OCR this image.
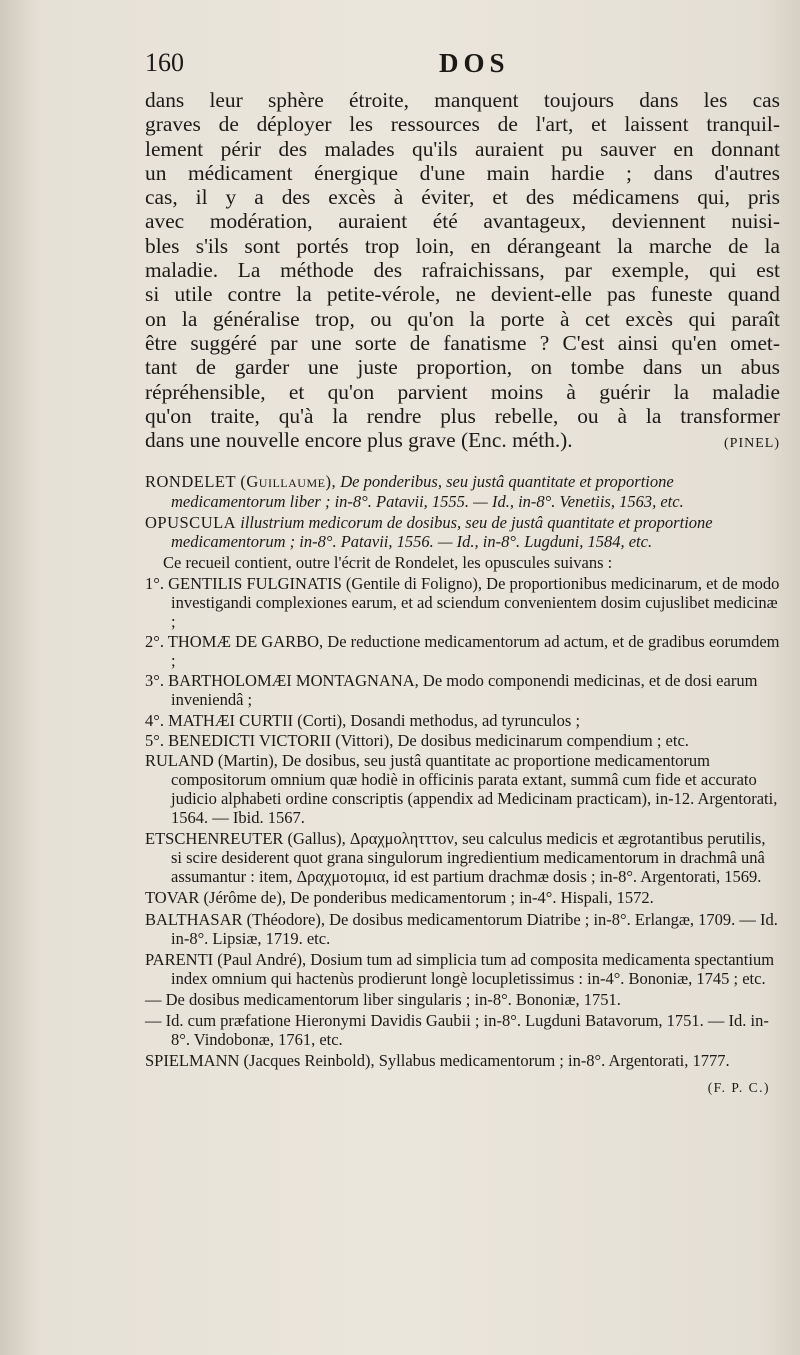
160	DOS
dans leur sphère étroite, manquent toujours dans les cas
graves de déployer les ressources de l'art, et laissent tranquil-
lement périr des malades qu'ils auraient pu sauver en donnant
un médicament énergique d'une main hardie ; dans d'autres
cas, il y a des excès à éviter, et des médicamens qui, pris
avec modération, auraient été avantageux, deviennent nuisi-
bles s'ils sont portés trop loin, en dérangeant la marche de la
maladie. La méthode des rafraichissans, par exemple, qui est
si utile contre la petite-vérole, ne devient-elle pas funeste quand
on la généralise trop, ou qu'on la porte à cet excès qui paraît
être suggéré par une sorte de fanatisme ? C'est ainsi qu'en omet-
tant de garder une juste proportion, on tombe dans un abus
répréhensible, et qu'on parvient moins à guérir la maladie
qu'on traite, qu'à la rendre plus rebelle, ou à la transformer
dans une nouvelle encore plus grave (Enc. méth.).	(PINEL)

RONDELET (Guillaume), De ponderibus, seu justâ quantitate et proportione medicamentorum liber ; in-8°. Patavii, 1555. — Id., in-8°. Venetiis, 1563, etc.

OPUSCULA illustrium medicorum de dosibus, seu de justâ quantitate et proportione medicamentorum ; in-8°. Patavii, 1556. — Id., in-8°. Lugduni, 1584, etc.

Ce recueil contient, outre l'écrit de Rondelet, les opuscules suivans :

1°. GENTILIS FULGINATIS (Gentile di Foligno), De proportionibus medicinarum, et de modo investigandi complexiones earum, et ad sciendum convenientem dosim cujuslibet medicinæ ;

2°. THOMÆ DE GARBO, De reductione medicamentorum ad actum, et de gradibus eorumdem ;

3°. BARTHOLOMÆI MONTAGNANA, De modo componendi medicinas, et de dosi earum inveniendâ ;

4°. MATHÆI CURTII (Corti), Dosandi methodus, ad tyrunculos ;

5°. BENEDICTI VICTORII (Vittori), De dosibus medicinarum compendium ; etc.

RULAND (Martin), De dosibus, seu justâ quantitate ac proportione medicamentorum compositorum omnium quæ hodiè in officinis parata extant, summâ cum fide et accurato judicio alphabeti ordine conscriptis (appendix ad Medicinam practicam), in-12. Argentorati, 1564. — Ibid. 1567.

ETSCHENREUTER (Gallus), Δραχμολητττον, seu calculus medicis et ægrotantibus perutilis, si scire desiderent quot grana singulorum ingredientium medicamentorum in drachmâ unâ assumantur : item, Δραχμοτομια, id est partium drachmæ dosis ; in-8°. Argentorati, 1569.

TOVAR (Jérôme de), De ponderibus medicamentorum ; in-4°. Hispali, 1572.

BALTHASAR (Théodore), De dosibus medicamentorum Diatribe ; in-8°. Erlangæ, 1709. — Id. in-8°. Lipsiæ, 1719. etc.

PARENTI (Paul André), Dosium tum ad simplicia tum ad composita medicamenta spectantium index omnium qui hactenùs prodierunt longè locupletissimus : in-4°. Bononiæ, 1745 ; etc.

— De dosibus medicamentorum liber singularis ; in-8°. Bononiæ, 1751.

— Id. cum præfatione Hieronymi Davidis Gaubii ; in-8°. Lugduni Batavorum, 1751. — Id. in-8°. Vindobonæ, 1761, etc.

SPIELMANN (Jacques Reinbold), Syllabus medicamentorum ; in-8°. Argentorati, 1777.

(F. P. C.)
